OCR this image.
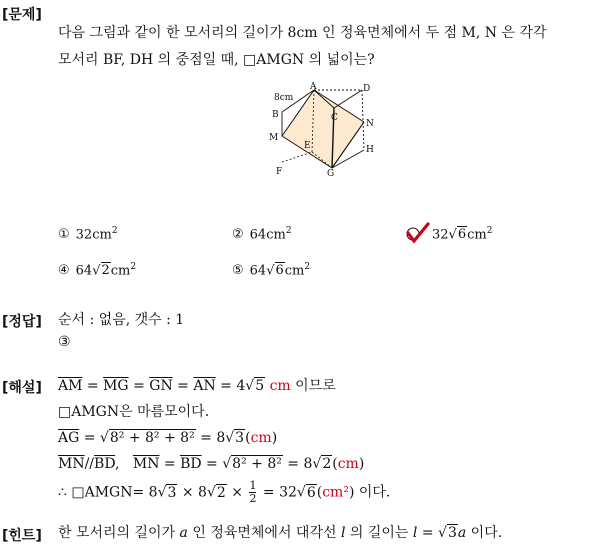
[문제]
다음 그림과 같이 한 모서리의 길이가 8cm 인 정육면체에서 두 점 M, N 은 각각
모서리 BF, DH 의 중점일 때, □AMGN 의 넓이는?
8cm
A	D
B	C
N
M
E	H
F	G
① $32cm^2$	② $64cm^2$	$32√6cm^2$
④ $64√2cm^2$	⑤ $64√6cm^2$
[정답] 순서 : 없음, 갯수 : 1
③
[해설] $\overline{AM} = \overline{MG} = \overline{GN} = \overline{AN} = 4√5$ cm 이므로
□AMGN은 마름모이다.
$\overline{AG} = √8^2 + 8^2 + 8^2 = 8√3(cm)$
$\overline{MN}//\overline{BD}$,   $\overline{MN} = \overline{BD} = √8^2 + 8^2 = 8√2(cm)$
∴ □AMGN= $8√3 \times 8√2 \times \frac{1}{2} = 32√6(cm^2)$ 이다.
[힌트] 한 모서리의 길이가 a 인 정육면체에서 대각선 l 의 길이는 l = √3a 이다.
